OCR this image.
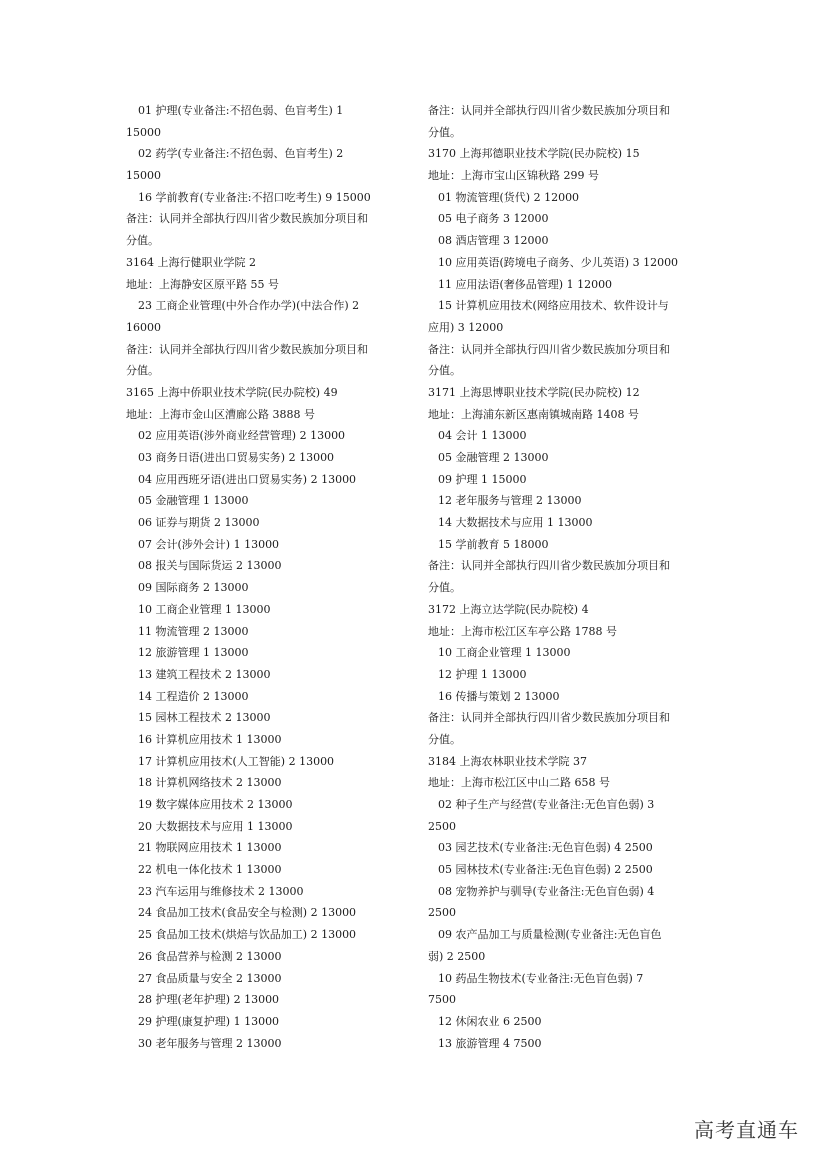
01 护理(专业备注:不招色弱、色盲考生) 1
15000
02 药学(专业备注:不招色弱、色盲考生) 2
15000
16 学前教育(专业备注:不招口吃考生) 9 15000
备注：认同并全部执行四川省少数民族加分项目和
分值。
3164 上海行健职业学院 2
地址：上海静安区原平路 55 号
23 工商企业管理(中外合作办学)(中法合作) 2
16000
备注：认同并全部执行四川省少数民族加分项目和
分值。
3165 上海中侨职业技术学院(民办院校) 49
地址：上海市金山区漕廊公路 3888 号
02 应用英语(涉外商业经营管理) 2 13000
03 商务日语(进出口贸易实务) 2 13000
04 应用西班牙语(进出口贸易实务) 2 13000
05 金融管理 1 13000
06 证券与期货 2 13000
07 会计(涉外会计) 1 13000
08 报关与国际货运 2 13000
09 国际商务 2 13000
10 工商企业管理 1 13000
11 物流管理 2 13000
12 旅游管理 1 13000
13 建筑工程技术 2 13000
14 工程造价 2 13000
15 园林工程技术 2 13000
16 计算机应用技术 1 13000
17 计算机应用技术(人工智能) 2 13000
18 计算机网络技术 2 13000
19 数字媒体应用技术 2 13000
20 大数据技术与应用 1 13000
21 物联网应用技术 1 13000
22 机电一体化技术 1 13000
23 汽车运用与维修技术 2 13000
24 食品加工技术(食品安全与检测) 2 13000
25 食品加工技术(烘焙与饮品加工) 2 13000
26 食品营养与检测 2 13000
27 食品质量与安全 2 13000
28 护理(老年护理) 2 13000
29 护理(康复护理) 1 13000
30 老年服务与管理 2 13000
备注：认同并全部执行四川省少数民族加分项目和
分值。
3170 上海邦德职业技术学院(民办院校) 15
地址：上海市宝山区锦秋路 299 号
01 物流管理(货代) 2 12000
05 电子商务 3 12000
08 酒店管理 3 12000
10 应用英语(跨境电子商务、少儿英语) 3 12000
11 应用法语(奢侈品管理) 1 12000
15 计算机应用技术(网络应用技术、软件设计与
应用) 3 12000
备注：认同并全部执行四川省少数民族加分项目和
分值。
3171 上海思博职业技术学院(民办院校) 12
地址：上海浦东新区惠南镇城南路 1408 号
04 会计 1 13000
05 金融管理 2 13000
09 护理 1 15000
12 老年服务与管理 2 13000
14 大数据技术与应用 1 13000
15 学前教育 5 18000
备注：认同并全部执行四川省少数民族加分项目和
分值。
3172 上海立达学院(民办院校) 4
地址：上海市松江区车亭公路 1788 号
10 工商企业管理 1 13000
12 护理 1 13000
16 传播与策划 2 13000
备注：认同并全部执行四川省少数民族加分项目和
分值。
3184 上海农林职业技术学院 37
地址：上海市松江区中山二路 658 号
02 种子生产与经营(专业备注:无色盲色弱) 3
2500
03 园艺技术(专业备注:无色盲色弱) 4 2500
05 园林技术(专业备注:无色盲色弱) 2 2500
08 宠物养护与驯导(专业备注:无色盲色弱) 4
2500
09 农产品加工与质量检测(专业备注:无色盲色
弱) 2 2500
10 药品生物技术(专业备注:无色盲色弱) 7
7500
12 休闲农业 6 2500
13 旅游管理 4 7500
高考直通车
